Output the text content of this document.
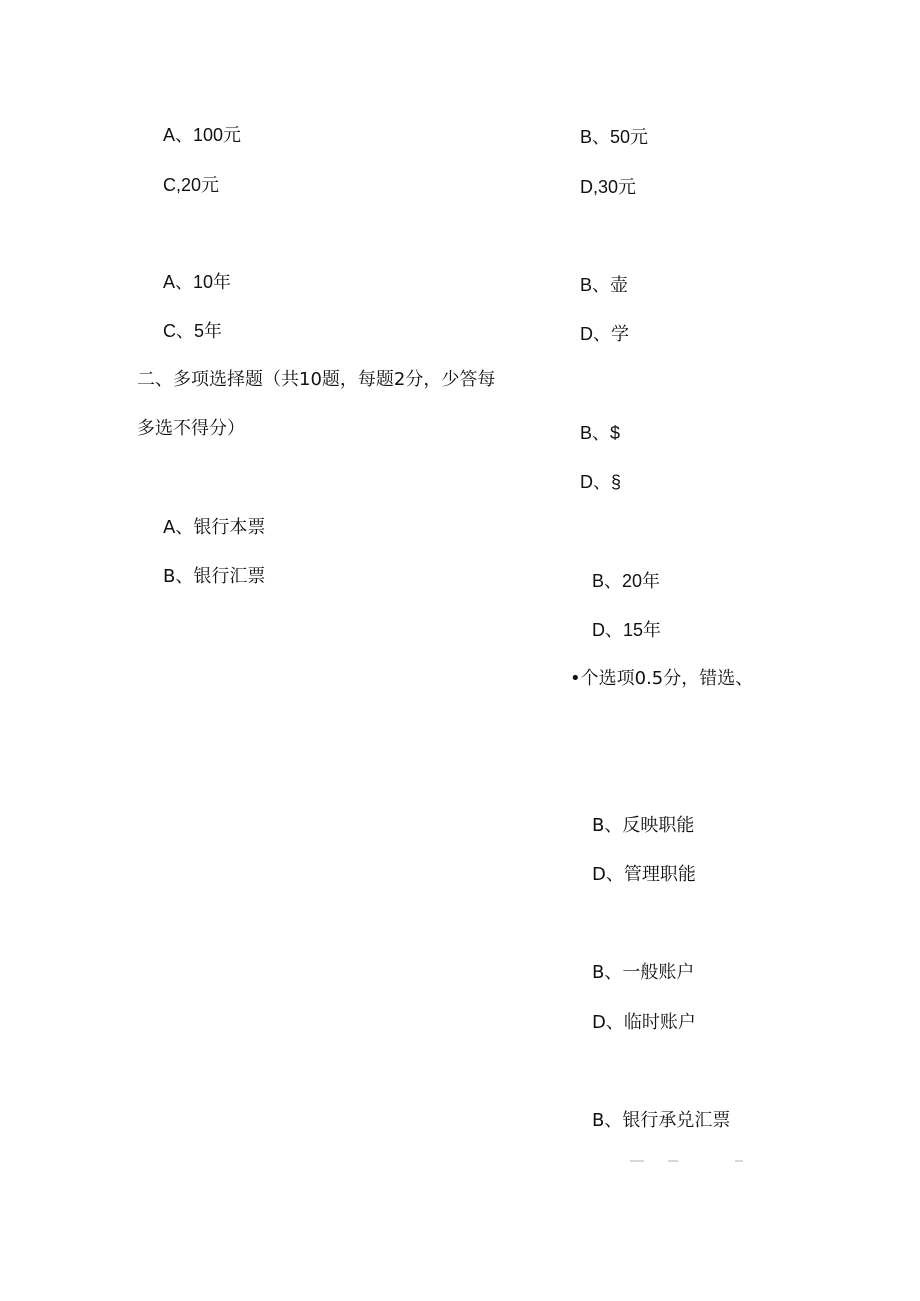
A、100元
C,20元
A、10年
C、5年
二、多项选择题（共10题，每题2分，少答每
多选不得分）
A、银行本票
B、银行汇票
B、50元
D,30元
B、壶
D、学
B、$
D、§
B、20年
D、15年
•个选项0.5分，错选、
B、反映职能
D、管理职能
B、一般账户
D、临时账户
B、银行承兑汇票
